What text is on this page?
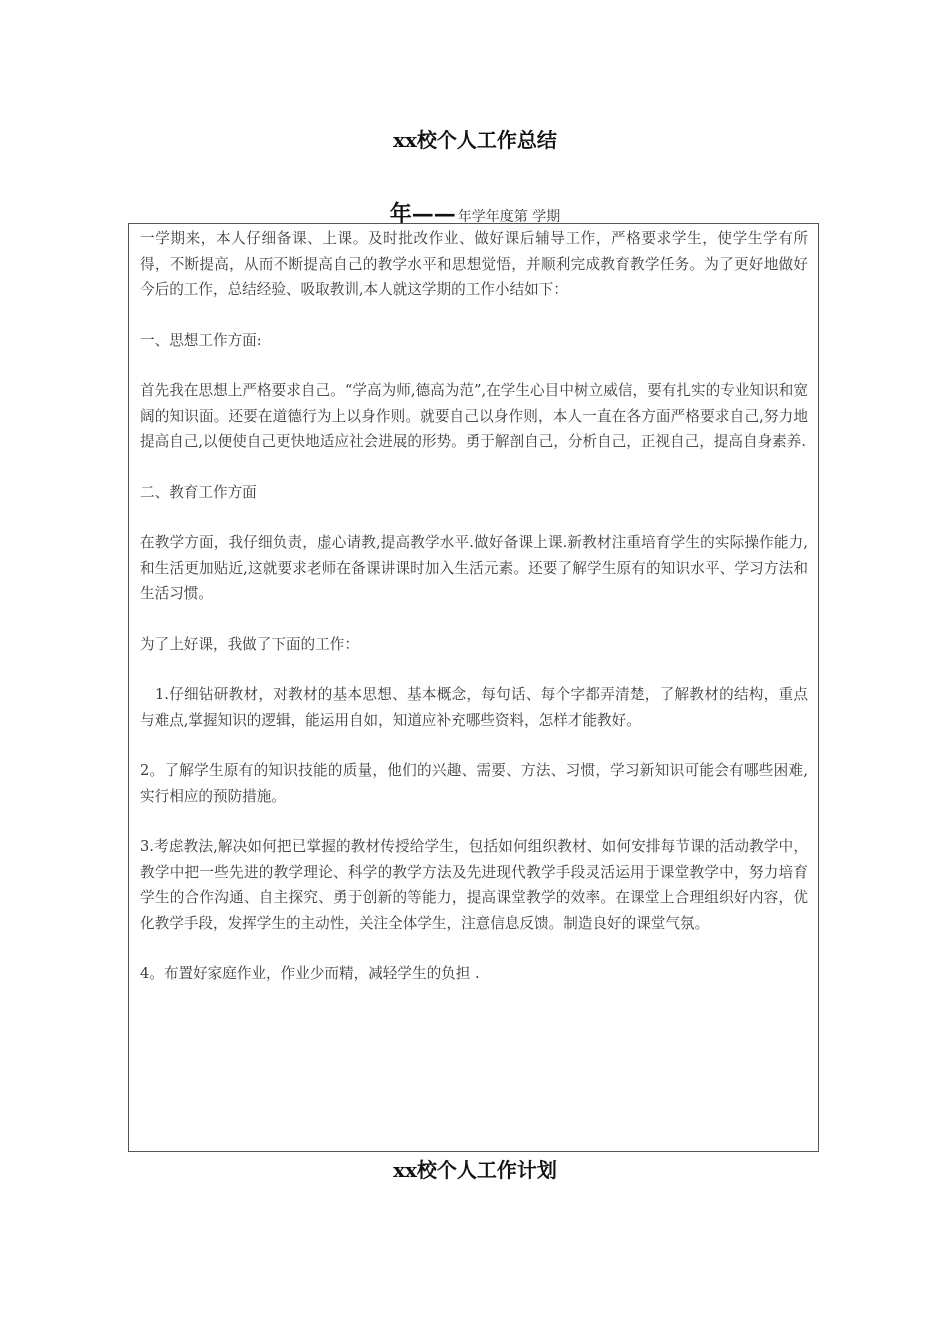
xx校个人工作总结
年—— 年学年度第 学期

一学期来，本人仔细备课、上课。及时批改作业、做好课后辅导工作，严格要求学生，使学生学有所得，不断提高，从而不断提高自己的教学水平和思想觉悟，并顺利完成教育教学任务。为了更好地做好今后的工作，总结经验、吸取教训,本人就这学期的工作小结如下：

一、思想工作方面:

首先我在思想上严格要求自己。“学高为师,德高为范”,在学生心目中树立威信，要有扎实的专业知识和宽阔的知识面。还要在道德行为上以身作则。就要自己以身作则，本人一直在各方面严格要求自己,努力地提高自己,以便使自己更快地适应社会进展的形势。勇于解剖自己，分析自己，正视自己，提高自身素养.

二、教育工作方面

在教学方面，我仔细负责，虚心请教,提高教学水平.做好备课上课.新教材注重培育学生的实际操作能力,和生活更加贴近,这就要求老师在备课讲课时加入生活元素。还要了解学生原有的知识水平、学习方法和生活习惯。

为了上好课，我做了下面的工作：

1.仔细钻研教材，对教材的基本思想、基本概念，每句话、每个字都弄清楚，了解教材的结构，重点与难点,掌握知识的逻辑，能运用自如，知道应补充哪些资料，怎样才能教好。

2。了解学生原有的知识技能的质量，他们的兴趣、需要、方法、习惯，学习新知识可能会有哪些困难,实行相应的预防措施。

3.考虑教法,解决如何把已掌握的教材传授给学生，包括如何组织教材、如何安排每节课的活动教学中，教学中把一些先进的教学理论、科学的教学方法及先进现代教学手段灵活运用于课堂教学中，努力培育学生的合作沟通、自主探究、勇于创新的等能力，提高课堂教学的效率。在课堂上合理组织好内容，优化教学手段，发挥学生的主动性，关注全体学生，注意信息反馈。制造良好的课堂气氛。

4。布置好家庭作业，作业少而精，减轻学生的负担 .

xx校个人工作计划
